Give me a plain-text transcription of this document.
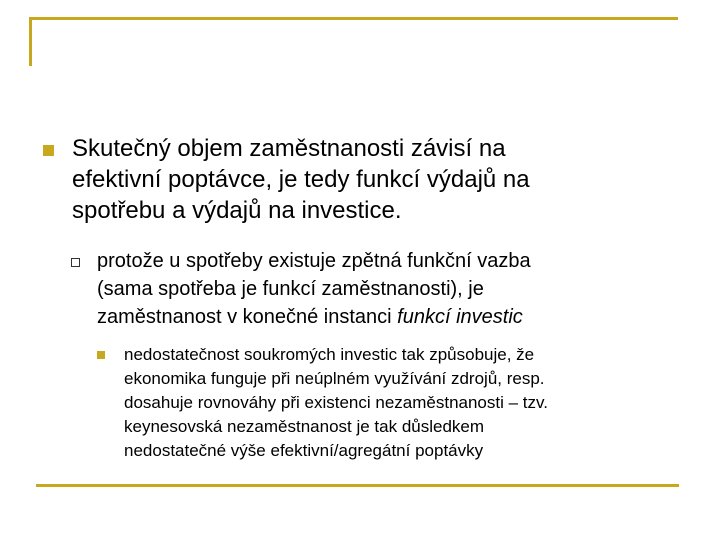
Skutečný objem zaměstnanosti závisí na
efektivní poptávce, je tedy funkcí výdajů na
spotřebu a výdajů na investice.
protože u spotřeby existuje zpětná funkční vazba
(sama spotřeba je funkcí zaměstnanosti), je
zaměstnanost v konečné instanci funkcí investic
nedostatečnost soukromých investic tak způsobuje, že
ekonomika funguje při neúplném využívání zdrojů, resp.
dosahuje rovnováhy při existenci nezaměstnanosti – tzv.
keynesovská nezaměstnanost je tak důsledkem
nedostatečné výše efektivní/agregátní poptávky
